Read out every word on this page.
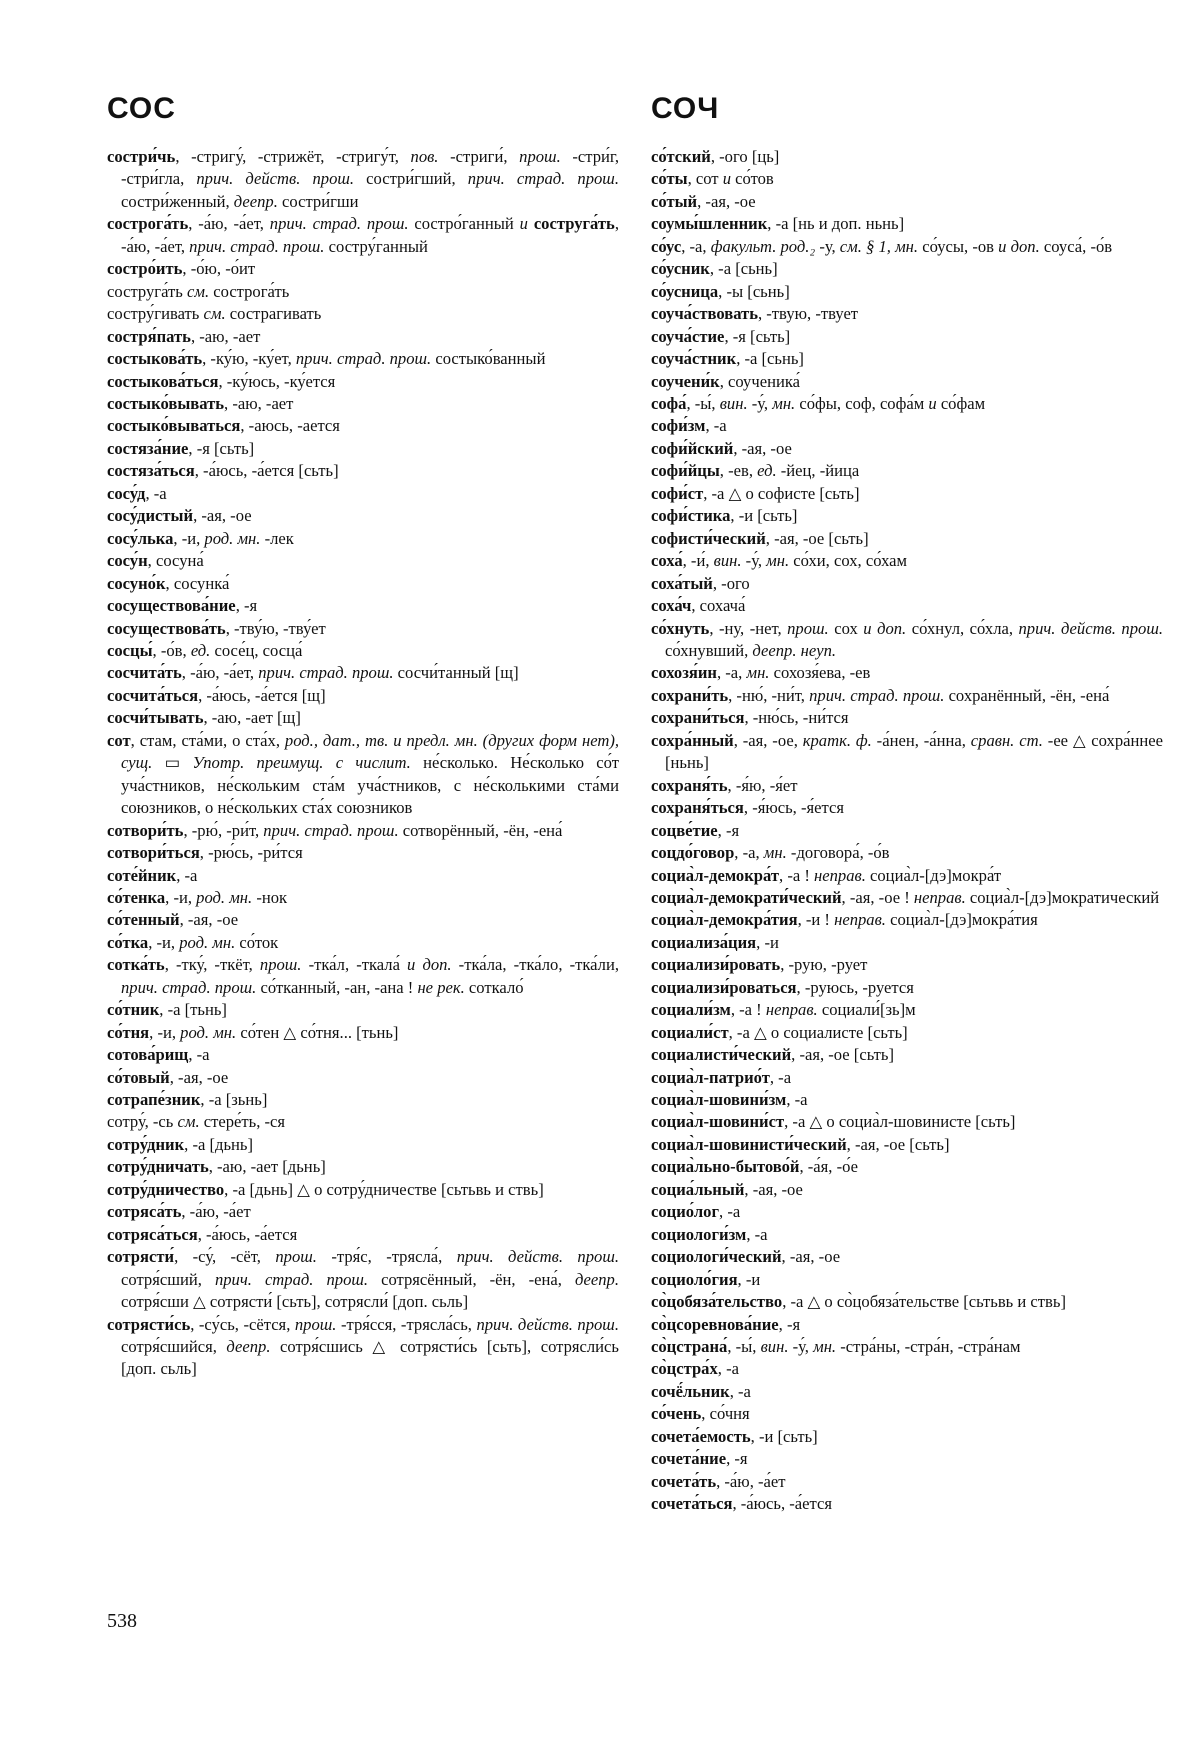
СОС	СОЧ

состри́чь, -стригу́, -стрижёт, -стригу́т, пов. -стриги́, прош. -стри́г, -стри́гла, прич. действ. прош. состри́гший, прич. страд. прош. состри́женный, деепр. состри́гши

сострога́ть, -а́ю, -а́ет, прич. страд. прош. состро́ганный и соструга́ть, -а́ю, -а́ет, прич. страд. прош. состру́ганный

состро́ить, -о́ю, -о́ит

соструга́ть см. сострога́ть

состру́гивать см. сострагивать

состря́пать, -аю, -ает

состыкова́ть, -ку́ю, -ку́ет, прич. страд. прош. состыко́ванный

состыкова́ться, -ку́юсь, -ку́ется

состыко́вывать, -аю, -ает

состыко́вываться, -аюсь, -ается

состяза́ние, -я [сьть]

состяза́ться, -а́юсь, -а́ется [сьть]

сосу́д, -а

сосу́дистый, -ая, -ое

сосу́лька, -и, род. мн. -лек

сосу́н, сосуна́

сосуно́к, сосунка́

сосуществова́ние, -я

сосуществова́ть, -тву́ю, -тву́ет

сосцы́, -о́в, ед. сосе́ц, сосца́

сосчита́ть, -а́ю, -а́ет, прич. страд. прош. сосчи́танный [щ]

сосчита́ться, -а́юсь, -а́ется [щ]

сосчи́тывать, -аю, -ает [щ]

сот, стам, ста́ми, о ста́х, род., дат., тв. и предл. мн. (других форм нет), сущ. ▭ Употр. преимущ. с числит. не́сколько. Не́сколько со́т уча́стников, не́скольким ста́м уча́стников, с не́сколькими ста́ми союзников, о не́скольких ста́х союзников

сотвори́ть, -рю́, -ри́т, прич. страд. прош. сотворённый, -ён, -ена́

сотвори́ться, -рю́сь, -ри́тся

соте́йник, -а

со́тенка, -и, род. мн. -нок

со́тенный, -ая, -ое

со́тка, -и, род. мн. со́ток

сотка́ть, -тку́, -ткёт, прош. -тка́л, -ткала́ и доп. -тка́ла, -тка́ло, -тка́ли, прич. страд. прош. со́тканный, -ан, -ана ! не рек. соткало́

со́тник, -а [тьнь]

со́тня, -и, род. мн. со́тен △ со́тня... [тьнь]

сотова́рищ, -а

со́товый, -ая, -ое

сотрапе́зник, -а [зьнь]

сотру́, -сь см. стере́ть, -ся

сотру́дник, -а [дьнь]

сотру́дничать, -аю, -ает [дьнь]

сотру́дничество, -а [дьнь] △ о сотру́дничестве [сьтьвь и ствь]

сотряса́ть, -а́ю, -а́ет

сотряса́ться, -а́юсь, -а́ется

сотрясти́, -су́, -сёт, прош. -тря́с, -трясла́, прич. действ. прош. сотря́сший, прич. страд. прош. сотрясённый, -ён, -ена́, деепр. сотря́сши △ сотрясти́ [сьть], сотрясли́ [доп. сьль]

сотрясти́сь, -су́сь, -сётся, прош. -тря́сся, -трясла́сь, прич. действ. прош. сотря́сшийся, деепр. сотря́сшись △ сотрясти́сь [сьть], сотрясли́сь [доп. сьль]

со́тский, -ого [ць]

со́ты, сот и со́тов

со́тый, -ая, -ое

соумы́шленник, -а [нь и доп. ньнь]

со́ус, -а, факульт. род.₂ -у, см. § 1, мн. со́усы, -ов и доп. соуса́, -о́в

со́усник, -а [сьнь]

со́усница, -ы [сьнь]

соуча́ствовать, -твую, -твует

соуча́стие, -я [сьть]

соуча́стник, -а [сьнь]

соучени́к, соученика́

софа́, -ы́, вин. -у́, мн. со́фы, соф, софа́м и со́фам

софи́зм, -а

софи́йский, -ая, -ое

софи́йцы, -ев, ед. -йец, -йица

софи́ст, -а △ о софисте [сьть]

софи́стика, -и [сьть]

софисти́ческий, -ая, -ое [сьть]

соха́, -и́, вин. -у́, мн. со́хи, сох, со́хам

соха́тый, -ого

соха́ч, сохача́

со́хнуть, -ну, -нет, прош. сох и доп. со́хнул, со́хла, прич. действ. прош. со́хнувший, деепр. неуп.

сохозя́ин, -а, мн. сохозя́ева, -ев

сохрани́ть, -ню́, -ни́т, прич. страд. прош. сохранённый, -ён, -ена́

сохрани́ться, -ню́сь, -ни́тся

сохра́нный, -ая, -ое, кратк. ф. -а́нен, -а́нна, сравн. ст. -ее △ сохра́ннее [ньнь]

сохраня́ть, -я́ю, -я́ет

сохраня́ться, -я́юсь, -я́ется

соцве́тие, -я

соцдо́говор, -а, мн. -договора́, -о́в

социа̀л-демокра́т, -а ! неправ. социа̀л-[дэ]мокра́т

социа̀л-демократи́ческий, -ая, -ое ! неправ. социа̀л-[дэ]мократический

социа̀л-демокра́тия, -и ! неправ. социа̀л-[дэ]мокра́тия

социализа́ция, -и

социализи́ровать, -рую, -рует

социализи́роваться, -руюсь, -руется

социали́зм, -а ! неправ. социали́[зь]м

социали́ст, -а △ о социалисте [сьть]

социалисти́ческий, -ая, -ое [сьть]

социа̀л-патрио́т, -а

социа̀л-шовини́зм, -а

социа̀л-шовини́ст, -а △ о социа̀л-шовинисте [сьть]

социа̀л-шовинисти́ческий, -ая, -ое [сьть]

социа̀льно-бытово́й, -а́я, -о́е

социа́льный, -ая, -ое

социо́лог, -а

социологи́зм, -а

социологи́ческий, -ая, -ое

социоло́гия, -и

со̀цобяза́тельство, -а △ о со̀цобяза́тельстве [сьтьвь и ствь]

со̀цсоревнова́ние, -я

со̀цстрана́, -ы́, вин. -у́, мн. -стра́ны, -стра́н, -стра́нам

со̀цстра́х, -а

сочё́льник, -а

со́чень, со́чня

сочета́емость, -и [сьть]

сочета́ние, -я

сочета́ть, -а́ю, -а́ет

сочета́ться, -а́юсь, -а́ется

538
